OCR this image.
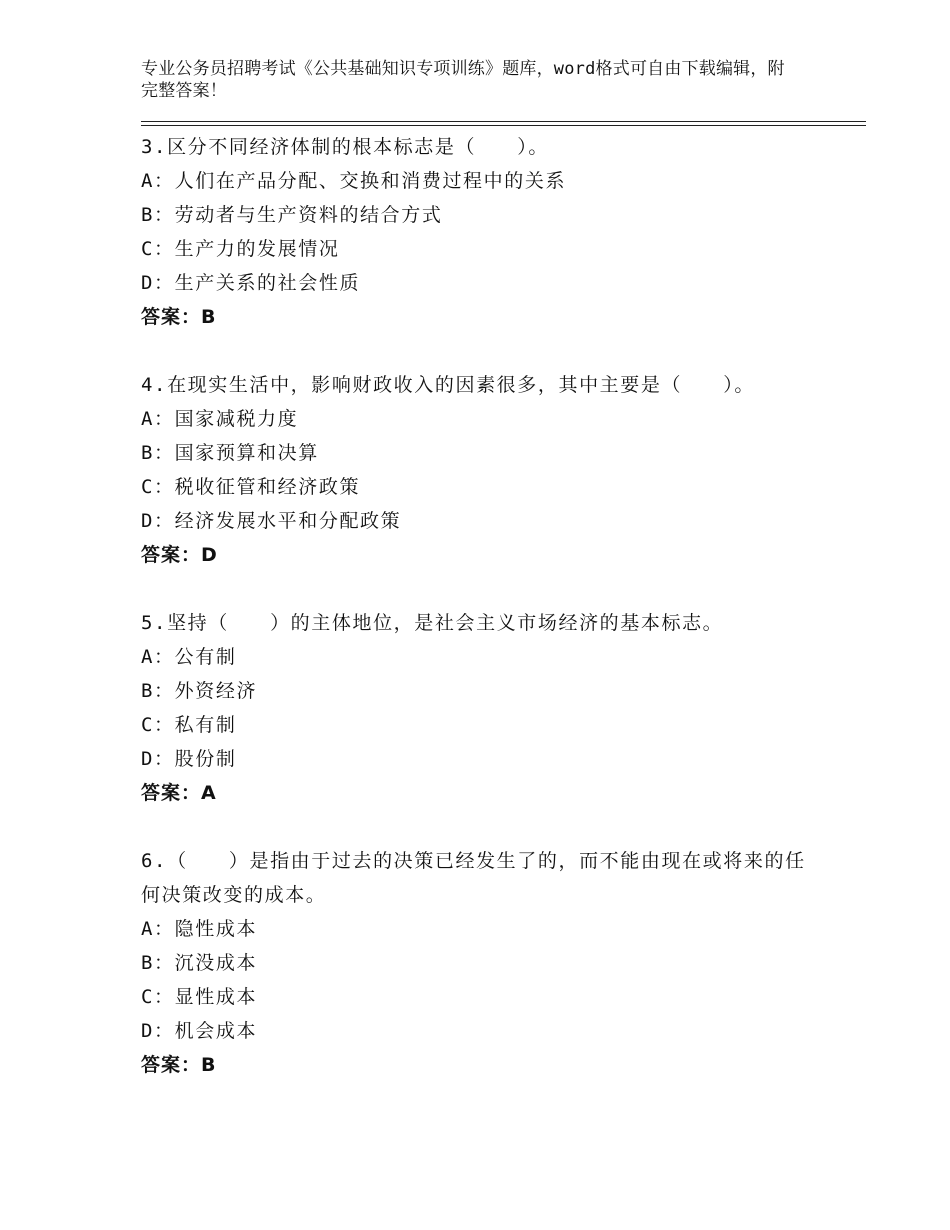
专业公务员招聘考试《公共基础知识专项训练》题库，word格式可自由下载编辑，附完整答案！

3.区分不同经济体制的根本标志是（　　）。

A：人们在产品分配、交换和消费过程中的关系

B：劳动者与生产资料的结合方式

C：生产力的发展情况

D：生产关系的社会性质

答案：B

4.在现实生活中，影响财政收入的因素很多，其中主要是（　　）。

A：国家减税力度

B：国家预算和决算

C：税收征管和经济政策

D：经济发展水平和分配政策

答案：D

5.坚持（　　）的主体地位，是社会主义市场经济的基本标志。

A：公有制

B：外资经济

C：私有制

D：股份制

答案：A

6.（　　）是指由于过去的决策已经发生了的，而不能由现在或将来的任何决策改变的成本。

A：隐性成本

B：沉没成本

C：显性成本

D：机会成本

答案：B
